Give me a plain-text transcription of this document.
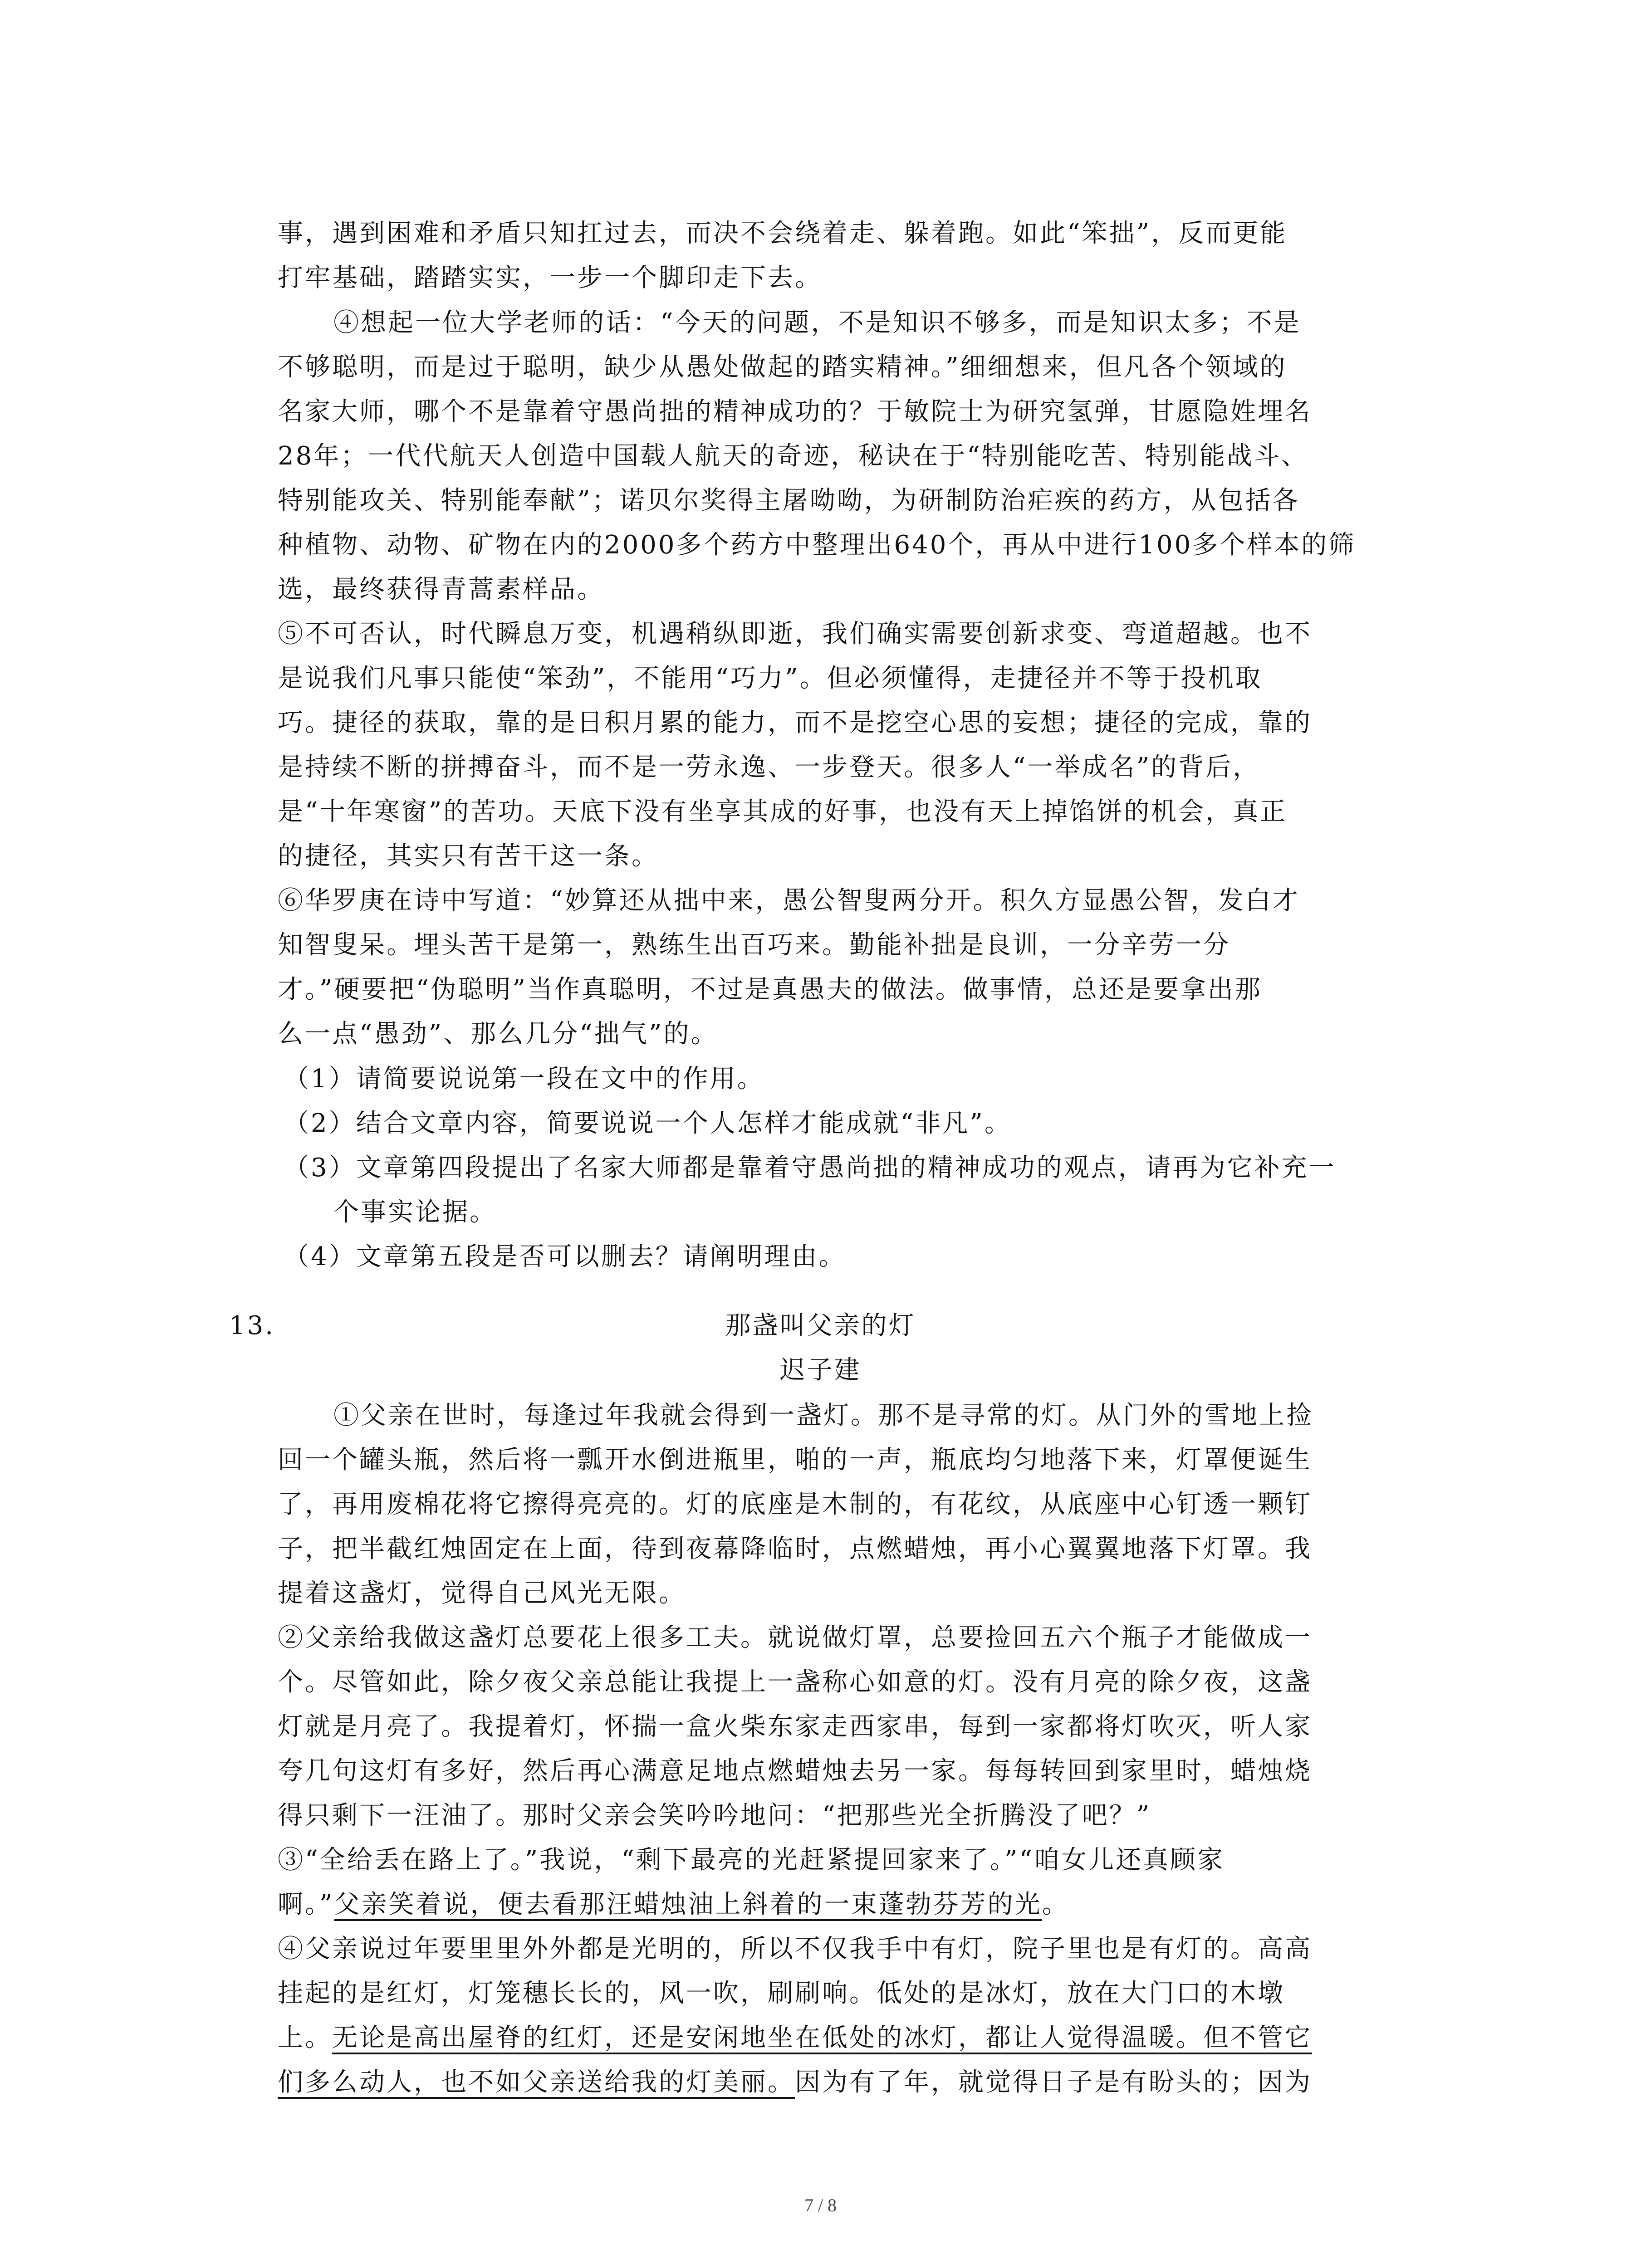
事，遇到困难和矛盾只知扛过去，而决不会绕着走、躲着跑。如此“笨拙”，反而更能
打牢基础，踏踏实实，一步一个脚印走下去。
④想起一位大学老师的话：“今天的问题，不是知识不够多，而是知识太多；不是
不够聪明，而是过于聪明，缺少从愚处做起的踏实精神。”细细想来，但凡各个领域的
名家大师，哪个不是靠着守愚尚拙的精神成功的？于敏院士为研究氢弹，甘愿隐姓埋名
28年；一代代航天人创造中国载人航天的奇迹，秘诀在于“特别能吃苦、特别能战斗、
特别能攻关、特别能奉献”；诺贝尔奖得主屠呦呦，为研制防治疟疾的药方，从包括各
种植物、动物、矿物在内的2000多个药方中整理出640个，再从中进行100多个样本的筛
选，最终获得青蒿素样品。
⑤不可否认，时代瞬息万变，机遇稍纵即逝，我们确实需要创新求变、弯道超越。也不
是说我们凡事只能使“笨劲”，不能用“巧力”。但必须懂得，走捷径并不等于投机取
巧。捷径的获取，靠的是日积月累的能力，而不是挖空心思的妄想；捷径的完成，靠的
是持续不断的拼搏奋斗，而不是一劳永逸、一步登天。很多人“一举成名”的背后，
是“十年寒窗”的苦功。天底下没有坐享其成的好事，也没有天上掉馅饼的机会，真正
的捷径，其实只有苦干这一条。
⑥华罗庚在诗中写道：“妙算还从拙中来，愚公智叟两分开。积久方显愚公智，发白才
知智叟呆。埋头苦干是第一，熟练生出百巧来。勤能补拙是良训，一分辛劳一分
才。”硬要把“伪聪明”当作真聪明，不过是真愚夫的做法。做事情，总还是要拿出那
么一点“愚劲”、那么几分“拙气”的。
（1）请简要说说第一段在文中的作用。
（2）结合文章内容，简要说说一个人怎样才能成就“非凡”。
（3）文章第四段提出了名家大师都是靠着守愚尚拙的精神成功的观点，请再为它补充一
个事实论据。
（4）文章第五段是否可以删去？请阐明理由。
13.	那盏叫父亲的灯
迟子建
①父亲在世时，每逢过年我就会得到一盏灯。那不是寻常的灯。从门外的雪地上捡
回一个罐头瓶，然后将一瓢开水倒进瓶里，啪的一声，瓶底均匀地落下来，灯罩便诞生
了，再用废棉花将它擦得亮亮的。灯的底座是木制的，有花纹，从底座中心钉透一颗钉
子，把半截红烛固定在上面，待到夜幕降临时，点燃蜡烛，再小心翼翼地落下灯罩。我
提着这盏灯，觉得自己风光无限。
②父亲给我做这盏灯总要花上很多工夫。就说做灯罩，总要捡回五六个瓶子才能做成一
个。尽管如此，除夕夜父亲总能让我提上一盏称心如意的灯。没有月亮的除夕夜，这盏
灯就是月亮了。我提着灯，怀揣一盒火柴东家走西家串，每到一家都将灯吹灭，听人家
夸几句这灯有多好，然后再心满意足地点燃蜡烛去另一家。每每转回到家里时，蜡烛烧
得只剩下一汪油了。那时父亲会笑吟吟地问：“把那些光全折腾没了吧？”
③“全给丢在路上了。”我说，“剩下最亮的光赶紧提回家来了。”“咱女儿还真顾家
啊。”父亲笑着说，便去看那汪蜡烛油上斜着的一束蓬勃芬芳的光。
④父亲说过年要里里外外都是光明的，所以不仅我手中有灯，院子里也是有灯的。高高
挂起的是红灯，灯笼穗长长的，风一吹，刷刷响。低处的是冰灯，放在大门口的木墩
上。无论是高出屋脊的红灯，还是安闲地坐在低处的冰灯，都让人觉得温暖。但不管它
们多么动人，也不如父亲送给我的灯美丽。因为有了年，就觉得日子是有盼头的；因为
7 / 8
